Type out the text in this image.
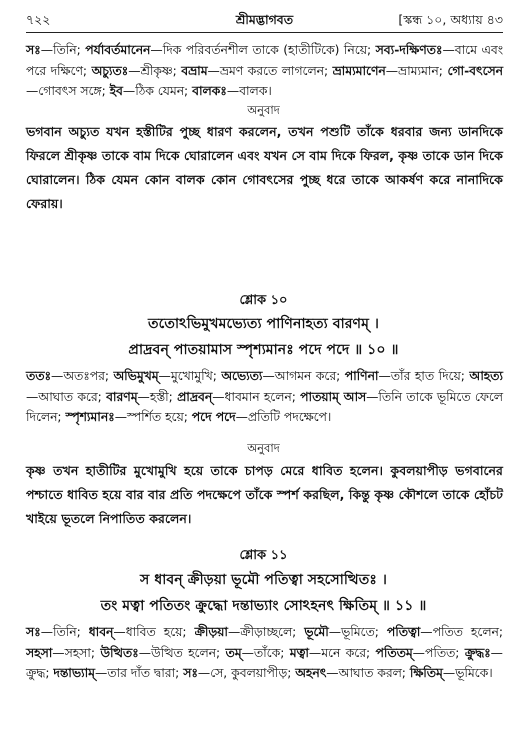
৭২২	শ্রীমদ্ভাগবত	[স্কন্ধ ১০, অধ্যায় ৪৩

সঃ—তিনি; পর্যাবর্তমানেন—দিক পরিবর্তনশীল তাকে (হাতীটিকে) নিয়ে; সব্য-দক্ষিণতঃ—বামে এবং পরে দক্ষিণে; অচ্যুতঃ—শ্রীকৃষ্ণ; বভ্রাম—ভ্রমণ করতে লাগলেন; ভ্রাম্যমাণেন—ভ্রাম্যমান; গো-বৎসেন—গোবৎস সঙ্গে; ইব—ঠিক যেমন; বালকঃ—বালক।

অনুবাদ

ভগবান অচ্যুত যখন হস্তীটির পুচ্ছ ধারণ করলেন, তখন পশুটি তাঁকে ধরবার জন্য ডানদিকে ফিরলে শ্রীকৃষ্ণ তাকে বাম দিকে ঘোরালেন এবং যখন সে বাম দিকে ফিরল, কৃষ্ণ তাকে ডান দিকে ঘোরালেন। ঠিক যেমন কোন বালক কোন গোবৎসের পুচ্ছ ধরে তাকে আকর্ষণ করে নানাদিকে ফেরায়।

শ্লোক ১০
ততোঽভিমুখমভ্যেত্য পাণিনাহত্য বারণম্ ।
প্রাদ্রবন্ পাতয়ামাস স্পৃশ্যমানঃ পদে পদে ॥ ১০ ॥

ততঃ—অতঃপর; অভিমুখম্—মুখোমুখি; অভ্যেত্য—আগমন করে; পাণিনা—তাঁর হাত দিয়ে; আহত্য—আঘাত করে; বারণম্—হস্তী; প্রাদ্রবন্—ধাবমান হলেন; পাতয়াম্ আস—তিনি তাকে ভূমিতে ফেলে দিলেন; স্পৃশ্যমানঃ—স্পর্শিত হয়ে; পদে পদে—প্রতিটি পদক্ষেপে।

অনুবাদ

কৃষ্ণ তখন হাতীটির মুখোমুখি হয়ে তাকে চাপড় মেরে ধাবিত হলেন। কুবলয়াপীড় ভগবানের পশ্চাতে ধাবিত হয়ে বার বার প্রতি পদক্ষেপে তাঁকে স্পর্শ করছিল, কিন্তু কৃষ্ণ কৌশলে তাকে হোঁচট খাইয়ে ভূতলে নিপাতিত করলেন।

শ্লোক ১১
স ধাবন্ ক্রীড়য়া ভূমৌ পতিত্বা সহসোত্থিতঃ ।
তং মত্বা পতিতং ক্রুদ্ধো দন্তাভ্যাং সোঽহনৎ ক্ষিতিম্ ॥ ১১ ॥

সঃ—তিনি; ধাবন্—ধাবিত হয়ে; ক্রীড়য়া—ক্রীড়াচ্ছলে; ভূমৌ—ভূমিতে; পতিত্বা—পতিত হলেন; সহসা—সহসা; উত্থিতঃ—উত্থিত হলেন; তম্—তাঁকে; মত্বা—মনে করে; পতিতম্—পতিত; ক্রুদ্ধঃ—ক্রুদ্ধ; দন্তাভ্যাম্—তার দাঁত দ্বারা; সঃ—সে, কুবলয়াপীড়; অহনৎ—আঘাত করল; ক্ষিতিম্—ভূমিকে।
